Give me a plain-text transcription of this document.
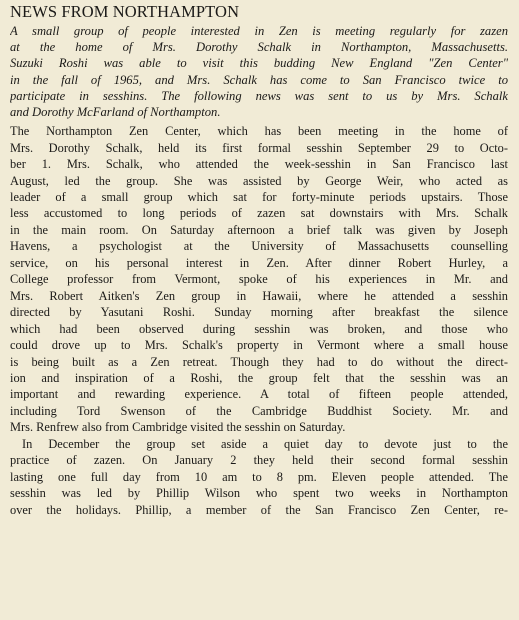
NEWS FROM NORTHAMPTON
A small group of people interested in Zen is meeting regularly for zazen
at the home of Mrs. Dorothy Schalk in Northampton, Massachusetts.
Suzuki Roshi was able to visit this budding New England "Zen Center"
in the fall of 1965, and Mrs. Schalk has come to San Francisco twice to
participate in sesshins. The following news was sent to us by Mrs. Schalk
and Dorothy McFarland of Northampton.
The Northampton Zen Center, which has been meeting in the home of
Mrs. Dorothy Schalk, held its first formal sesshin September 29 to Octo-
ber 1. Mrs. Schalk, who attended the week-sesshin in San Francisco last
August, led the group. She was assisted by George Weir, who acted as
leader of a small group which sat for forty-minute periods upstairs. Those
less accustomed to long periods of zazen sat downstairs with Mrs. Schalk
in the main room. On Saturday afternoon a brief talk was given by Joseph
Havens, a psychologist at the University of Massachusetts counselling
service, on his personal interest in Zen. After dinner Robert Hurley, a
College professor from Vermont, spoke of his experiences in Mr. and
Mrs. Robert Aitken's Zen group in Hawaii, where he attended a sesshin
directed by Yasutani Roshi. Sunday morning after breakfast the silence
which had been observed during sesshin was broken, and those who
could drove up to Mrs. Schalk's property in Vermont where a small house
is being built as a Zen retreat. Though they had to do without the direct-
ion and inspiration of a Roshi, the group felt that the sesshin was an
important and rewarding experience. A total of fifteen people attended,
including Tord Swenson of the Cambridge Buddhist Society. Mr. and
Mrs. Renfrew also from Cambridge visited the sesshin on Saturday.
In December the group set aside a quiet day to devote just to the
practice of zazen. On January 2 they held their second formal sesshin
lasting one full day from 10 am to 8 pm. Eleven people attended. The
sesshin was led by Phillip Wilson who spent two weeks in Northampton
over the holidays. Phillip, a member of the San Francisco Zen Center, re-
